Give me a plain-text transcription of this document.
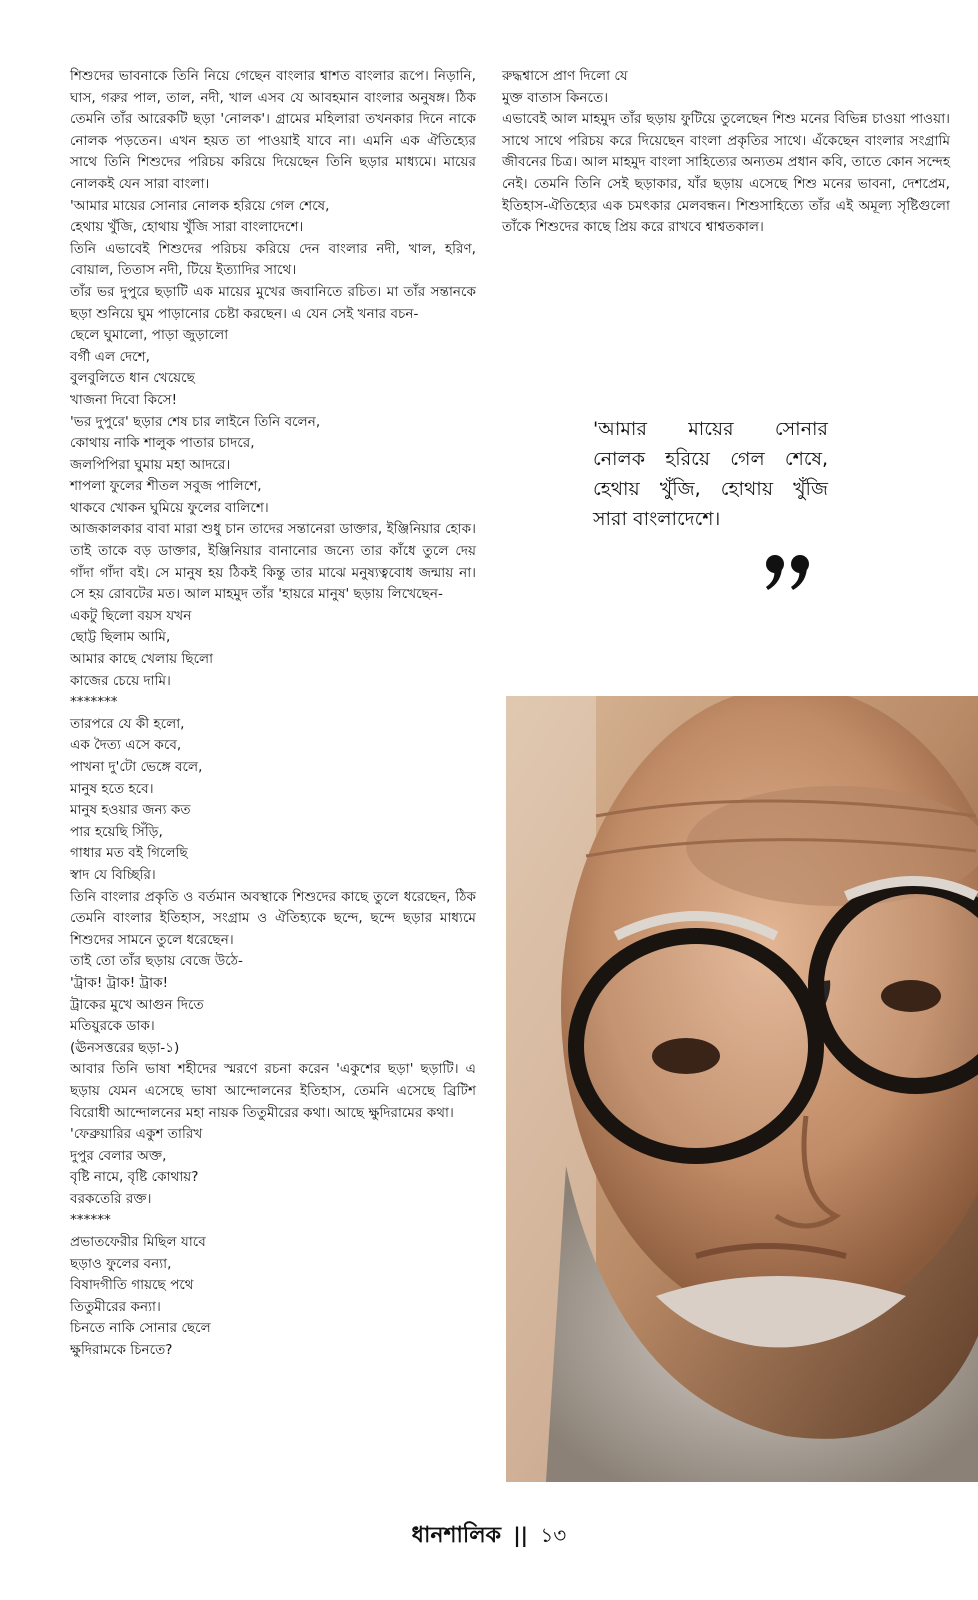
শিশুদের ভাবনাকে তিনি নিয়ে গেছেন বাংলার শ্বাশত বাংলার রূপে। নিড়ানি, ঘাস, গরুর পাল, তাল, নদী, খাল এসব যে আবহমান বাংলার অনুষঙ্গ। ঠিক তেমনি তাঁর আরেকটি ছড়া 'নোলক'। গ্রামের মহিলারা তখনকার দিনে নাকে নোলক পড়তেন। এখন হয়ত তা পাওয়াই যাবে না। এমনি এক ঐতিহ্যের সাথে তিনি শিশুদের পরিচয় করিয়ে দিয়েছেন তিনি ছড়ার মাধ্যমে। মায়ের নোলকই যেন সারা বাংলা।

'আমার মায়ের সোনার নোলক হরিয়ে গেল শেষে,

হেথায় খুঁজি, হোথায় খুঁজি সারা বাংলাদেশে।

তিনি এভাবেই শিশুদের পরিচয় করিয়ে দেন বাংলার নদী, খাল, হরিণ, বোয়াল, তিতাস নদী, টিয়ে ইত্যাদির সাথে।

তাঁর ভর দুপুরে ছড়াটি এক মায়ের মুখের জবানিতে রচিত। মা তাঁর সন্তানকে ছড়া শুনিয়ে ঘুম পাড়ানোর চেষ্টা করছেন। এ যেন সেই খনার বচন-

ছেলে ঘুমালো, পাড়া জুড়ালো

বর্গী এল দেশে,

বুলবুলিতে ধান খেয়েছে

খাজনা দিবো কিসে!

'ভর দুপুরে' ছড়ার শেষ চার লাইনে তিনি বলেন,

কোথায় নাকি শালুক পাতার চাদরে,

জলপিপিরা ঘুমায় মহা আদরে।

শাপলা ফুলের শীতল সবুজ পালিশে,

থাকবে খোকন ঘুমিয়ে ফুলের বালিশে।

আজকালকার বাবা মারা শুধু চান তাদের সন্তানেরা ডাক্তার, ইঞ্জিনিয়ার হোক। তাই তাকে বড় ডাক্তার, ইঞ্জিনিয়ার বানানোর জন্যে তার কাঁধে তুলে দেয় গাঁদা গাঁদা বই। সে মানুষ হয় ঠিকই কিন্তু তার মাঝে মনুষ্যত্ববোধ জন্মায় না। সে হয় রোবটের মত। আল মাহমুদ তাঁর 'হায়রে মানুষ' ছড়ায় লিখেছেন-

একটু ছিলো বয়স যখন

ছোট্ট ছিলাম আমি,

আমার কাছে খেলায় ছিলো

কাজের চেয়ে দামি।

*******

তারপরে যে কী হলো,

এক দৈত্য এসে কবে,

পাখনা দু'টো ভেঙ্গে বলে,

মানুষ হতে হবে।

মানুষ হওয়ার জন্য কত

পার হয়েছি সিঁড়ি,

গাধার মত বই গিলেছি

স্বাদ যে বিচ্ছিরি।

তিনি বাংলার প্রকৃতি ও বর্তমান অবস্থাকে শিশুদের কাছে তুলে ধরেছেন, ঠিক তেমনি বাংলার ইতিহাস, সংগ্রাম ও ঐতিহ্যকে ছন্দে, ছন্দে ছড়ার মাধ্যমে শিশুদের সামনে তুলে ধরেছেন।

তাই তো তাঁর ছড়ায় বেজে উঠে-

'ট্রাক! ট্রাক! ট্রাক!

ট্রাকের মুখে আগুন দিতে

মতিয়ুরকে ডাক।

(ঊনসত্তরের ছড়া-১)

আবার তিনি ভাষা শহীদের স্মরণে রচনা করেন 'একুশের ছড়া' ছড়াটি। এ ছড়ায় যেমন এসেছে ভাষা আন্দোলনের ইতিহাস, তেমনি এসেছে ব্রিটিশ বিরোধী আন্দোলনের মহা নায়ক তিতুমীরের কথা। আছে ক্ষুদিরামের কথা।

'ফেব্রুয়ারির একুশ তারিখ

দুপুর বেলার অক্ত,

বৃষ্টি নামে, বৃষ্টি কোথায়?

বরকতেরি রক্ত।

******

প্রভাতফেরীর মিছিল যাবে

ছড়াও ফুলের বন্যা,

বিষাদগীতি গায়ছে পথে

তিতুমীরের কন্যা।

চিনতে নাকি সোনার ছেলে

ক্ষুদিরামকে চিনতে?

রুদ্ধশ্বাসে প্রাণ দিলো যে

মুক্ত বাতাস কিনতে।

এভাবেই আল মাহমুদ তাঁর ছড়ায় ফুটিয়ে তুলেছেন শিশু মনের বিভিন্ন চাওয়া পাওয়া। সাথে সাথে পরিচয় করে দিয়েছেন বাংলা প্রকৃতির সাথে। এঁকেছেন বাংলার সংগ্রামি জীবনের চিত্র। আল মাহমুদ বাংলা সাহিত্যের অন্যতম প্রধান কবি, তাতে কোন সন্দেহ নেই। তেমনি তিনি সেই ছড়াকার, যাঁর ছড়ায় এসেছে শিশু মনের ভাবনা, দেশপ্রেম, ইতিহাস-ঐতিহ্যের এক চমৎকার মেলবন্ধন। শিশুসাহিত্যে তাঁর এই অমূল্য সৃষ্টিগুলো তাঁকে শিশুদের কাছে প্রিয় করে রাখবে শ্বাশ্বতকাল।

'আমার মায়ের সোনার

নোলক হরিয়ে গেল শেষে,

হেথায় খুঁজি, হোথায় খুঁজি

সারা বাংলাদেশে।

ধানশালিক || ১৩
